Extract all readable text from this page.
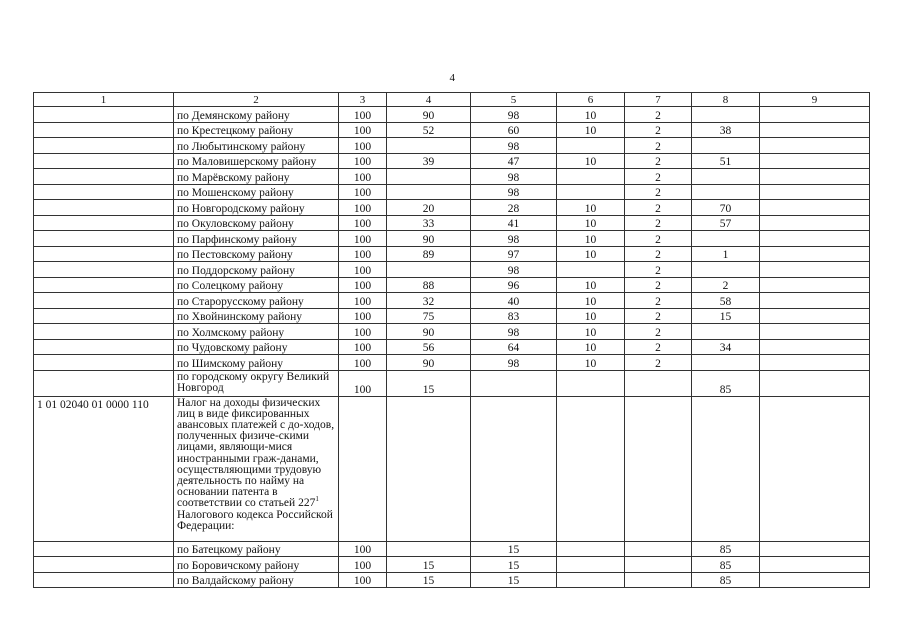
4
1	2	3	4	5	6	7	8	9
	по Демянскому району	100	90	98	10	2		
	по Крестецкому району	100	52	60	10	2	38	
	по Любытинскому району	100		98		2		
	по Маловишерскому району	100	39	47	10	2	51	
	по Марёвскому району	100		98		2		
	по Мошенскому району	100		98		2		
	по Новгородскому району	100	20	28	10	2	70	
	по Окуловскому району	100	33	41	10	2	57	
	по Парфинскому району	100	90	98	10	2		
	по Пестовскому району	100	89	97	10	2	1	
	по Поддорскому району	100		98		2		
	по Солецкому району	100	88	96	10	2	2	
	по Старорусскому району	100	32	40	10	2	58	
	по Хвойнинскому району	100	75	83	10	2	15	
	по Холмскому району	100	90	98	10	2		
	по Чудовскому району	100	56	64	10	2	34	
	по Шимскому району	100	90	98	10	2		
	по городскому округу Великий Новгород	100	15				85	
1 01 02040 01 0000 110	Налог на доходы физических лиц в виде фиксированных авансовых платежей с до-ходов, полученных физиче-скими лицами, являющи-мися иностранными граж-данами, осуществляющими трудовую деятельность по найму на основании патента в соответствии со статьей $227^1$ Налогового кодекса Российской Федерации:							
	по Батецкому району	100		15			85	
	по Боровичскому району	100	15	15			85	
	по Валдайскому району	100	15	15			85	
